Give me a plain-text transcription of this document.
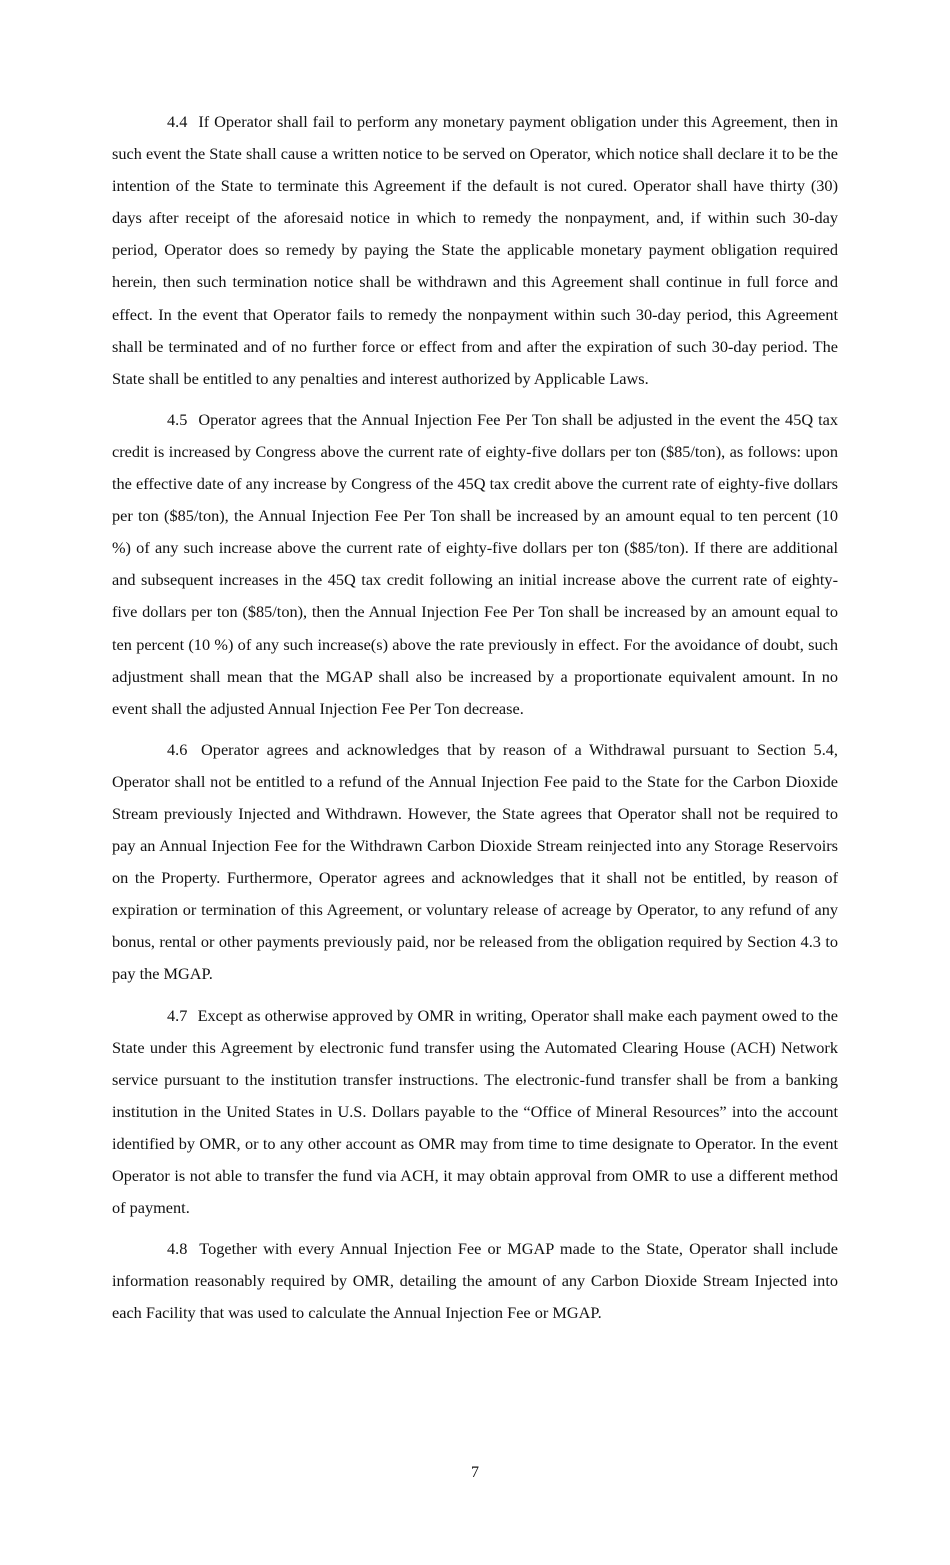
4.4 If Operator shall fail to perform any monetary payment obligation under this Agreement, then in such event the State shall cause a written notice to be served on Operator, which notice shall declare it to be the intention of the State to terminate this Agreement if the default is not cured. Operator shall have thirty (30) days after receipt of the aforesaid notice in which to remedy the nonpayment, and, if within such 30-day period, Operator does so remedy by paying the State the applicable monetary payment obligation required herein, then such termination notice shall be withdrawn and this Agreement shall continue in full force and effect. In the event that Operator fails to remedy the nonpayment within such 30-day period, this Agreement shall be terminated and of no further force or effect from and after the expiration of such 30-day period. The State shall be entitled to any penalties and interest authorized by Applicable Laws.

4.5 Operator agrees that the Annual Injection Fee Per Ton shall be adjusted in the event the 45Q tax credit is increased by Congress above the current rate of eighty-five dollars per ton ($85/ton), as follows: upon the effective date of any increase by Congress of the 45Q tax credit above the current rate of eighty-five dollars per ton ($85/ton), the Annual Injection Fee Per Ton shall be increased by an amount equal to ten percent (10 %) of any such increase above the current rate of eighty-five dollars per ton ($85/ton). If there are additional and subsequent increases in the 45Q tax credit following an initial increase above the current rate of eighty-five dollars per ton ($85/ton), then the Annual Injection Fee Per Ton shall be increased by an amount equal to ten percent (10 %) of any such increase(s) above the rate previously in effect. For the avoidance of doubt, such adjustment shall mean that the MGAP shall also be increased by a proportionate equivalent amount. In no event shall the adjusted Annual Injection Fee Per Ton decrease.

4.6 Operator agrees and acknowledges that by reason of a Withdrawal pursuant to Section 5.4, Operator shall not be entitled to a refund of the Annual Injection Fee paid to the State for the Carbon Dioxide Stream previously Injected and Withdrawn. However, the State agrees that Operator shall not be required to pay an Annual Injection Fee for the Withdrawn Carbon Dioxide Stream reinjected into any Storage Reservoirs on the Property. Furthermore, Operator agrees and acknowledges that it shall not be entitled, by reason of expiration or termination of this Agreement, or voluntary release of acreage by Operator, to any refund of any bonus, rental or other payments previously paid, nor be released from the obligation required by Section 4.3 to pay the MGAP.

4.7 Except as otherwise approved by OMR in writing, Operator shall make each payment owed to the State under this Agreement by electronic fund transfer using the Automated Clearing House (ACH) Network service pursuant to the institution transfer instructions. The electronic-fund transfer shall be from a banking institution in the United States in U.S. Dollars payable to the “Office of Mineral Resources” into the account identified by OMR, or to any other account as OMR may from time to time designate to Operator. In the event Operator is not able to transfer the fund via ACH, it may obtain approval from OMR to use a different method of payment.

4.8 Together with every Annual Injection Fee or MGAP made to the State, Operator shall include information reasonably required by OMR, detailing the amount of any Carbon Dioxide Stream Injected into each Facility that was used to calculate the Annual Injection Fee or MGAP.

7
